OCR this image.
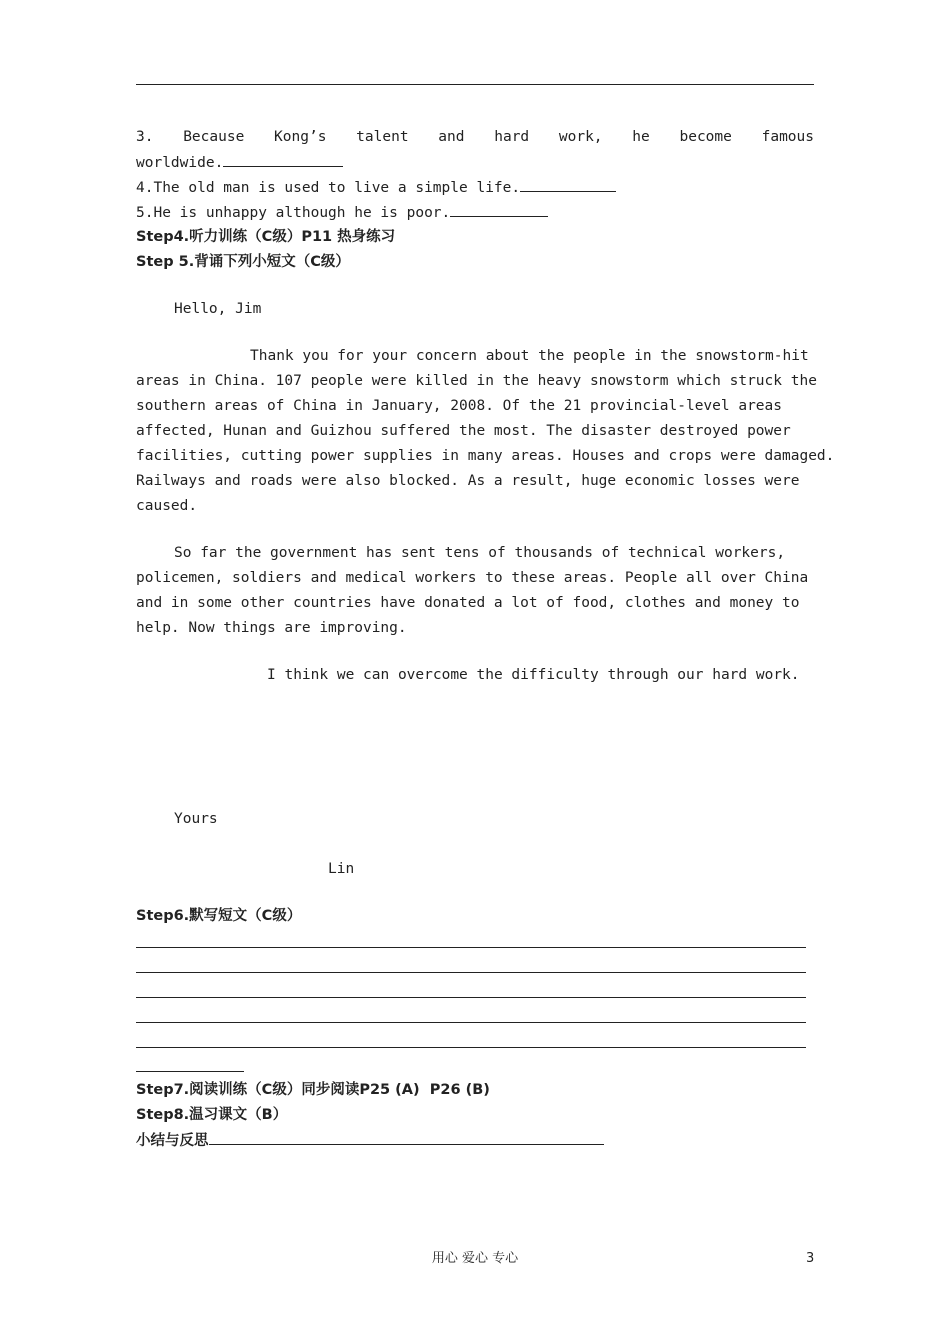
3. Because Kong’s talent and hard work, he become famous
worldwide.
4.The old man is used to live a simple life.
5.He is unhappy although he is poor.
Step4.听力训练（C级）P11 热身练习
Step 5.背诵下列小短文（C级）
Hello, Jim
Thank you for your concern about the people in the snowstorm-hit
areas in China. 107 people were killed in the heavy snowstorm which struck the
southern areas of China in January, 2008. Of the 21 provincial-level areas
affected, Hunan and Guizhou suffered the most. The disaster destroyed power
facilities, cutting power supplies in many areas. Houses and crops were damaged.
Railways and roads were also blocked. As a result, huge economic losses were
caused.
So far the government has sent tens of thousands of technical workers,
policemen, soldiers and medical workers to these areas. People all over China
and in some other countries have donated a lot of food, clothes and money to
help. Now things are improving.
I think we can overcome the difficulty through our hard work.
Yours
Lin
Step6.默写短文（C级）
Step7.阅读训练（C级）同步阅读P25 (A)  P26 (B)
Step8.温习课文（B）
小结与反思
用心 爱心 专心	3
